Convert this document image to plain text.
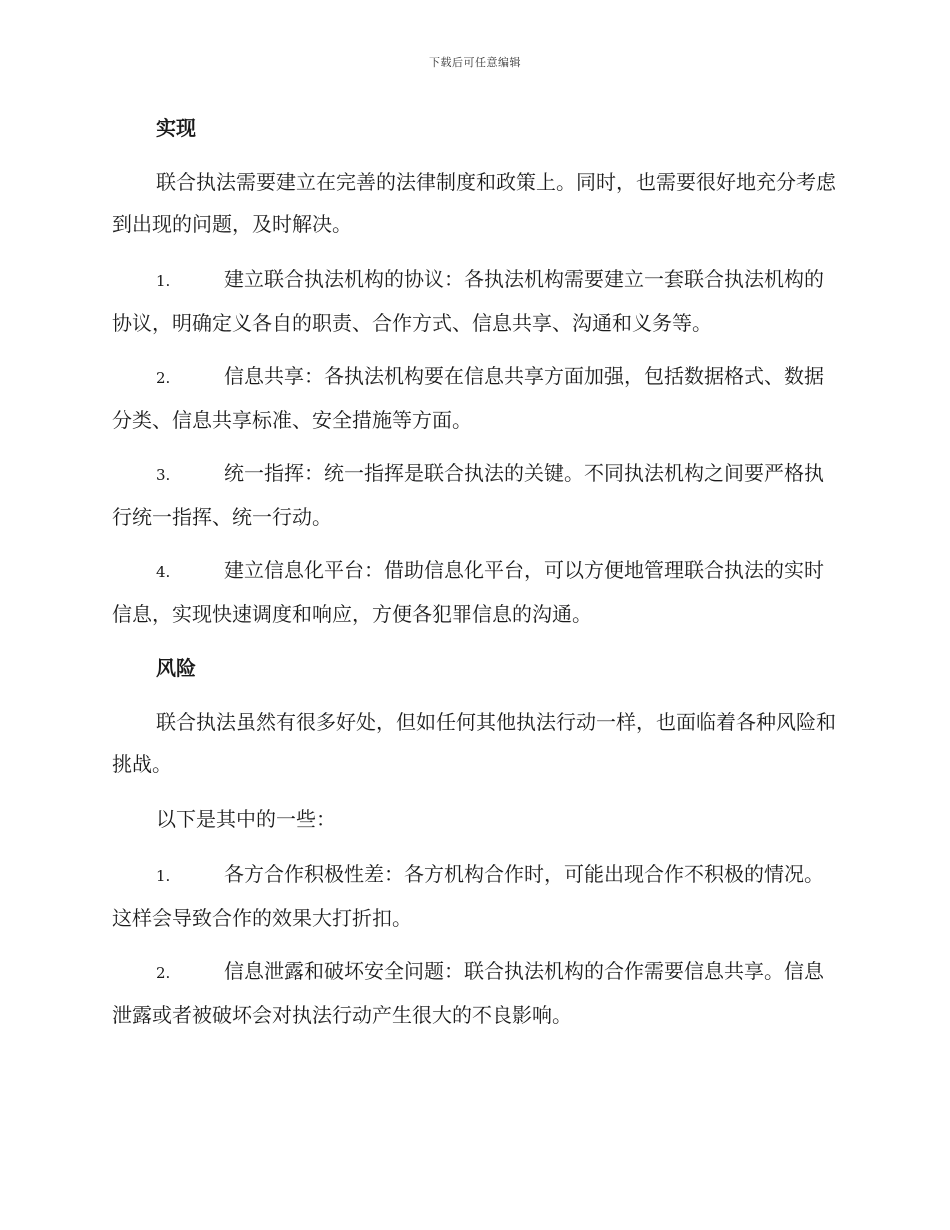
下载后可任意编辑
实现

联合执法需要建立在完善的法律制度和政策上。同时，也需要很好地充分考虑到出现的问题，及时解决。

1.	建立联合执法机构的协议：各执法机构需要建立一套联合执法机构的协议，明确定义各自的职责、合作方式、信息共享、沟通和义务等。

2.	信息共享：各执法机构要在信息共享方面加强，包括数据格式、数据分类、信息共享标准、安全措施等方面。

3.	统一指挥：统一指挥是联合执法的关键。不同执法机构之间要严格执行统一指挥、统一行动。

4.	建立信息化平台：借助信息化平台，可以方便地管理联合执法的实时信息，实现快速调度和响应，方便各犯罪信息的沟通。

风险

联合执法虽然有很多好处，但如任何其他执法行动一样，也面临着各种风险和挑战。

以下是其中的一些：

1.	各方合作积极性差：各方机构合作时，可能出现合作不积极的情况。这样会导致合作的效果大打折扣。

2.	信息泄露和破坏安全问题：联合执法机构的合作需要信息共享。信息泄露或者被破坏会对执法行动产生很大的不良影响。
